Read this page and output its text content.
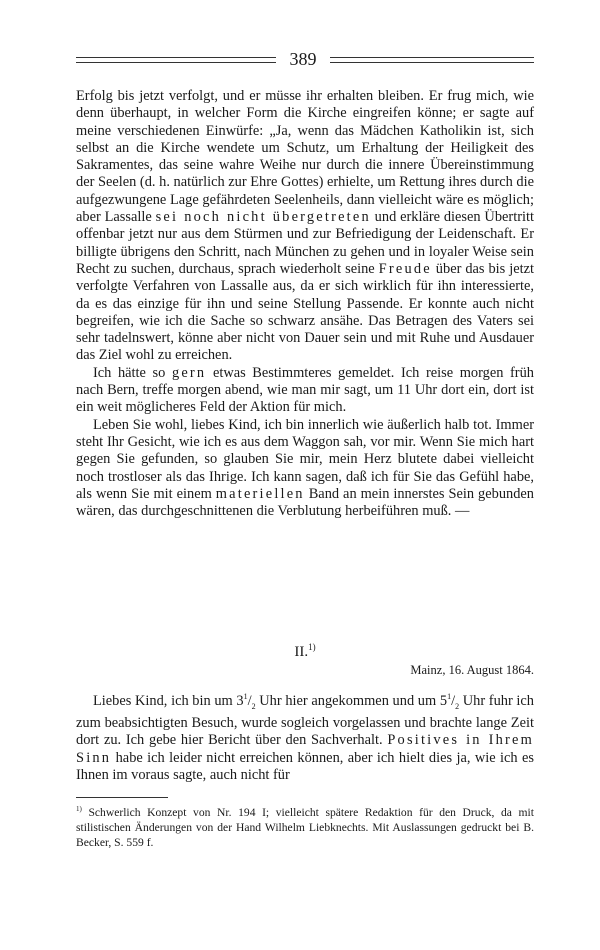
389

Erfolg bis jetzt verfolgt, und er müsse ihr erhalten bleiben. Er frug mich, wie denn überhaupt, in welcher Form die Kirche eingreifen könne; er sagte auf meine verschiedenen Einwürfe: „Ja, wenn das Mädchen Katholikin ist, sich selbst an die Kirche wendete um Schutz, um Erhaltung der Heiligkeit des Sakramentes, das seine wahre Weihe nur durch die innere Übereinstimmung der Seelen (d. h. natürlich zur Ehre Gottes) erhielte, um Rettung ihres durch die aufgezwungene Lage gefährdeten Seelenheils, dann vielleicht wäre es möglich; aber Lassalle sei noch nicht übergetreten und erkläre diesen Übertritt offenbar jetzt nur aus dem Stürmen und zur Befriedigung der Leidenschaft. Er billigte übrigens den Schritt, nach München zu gehen und in loyaler Weise sein Recht zu suchen, durchaus, sprach wiederholt seine Freude über das bis jetzt verfolgte Verfahren von Lassalle aus, da er sich wirklich für ihn interessierte, da es das einzige für ihn und seine Stellung Passende. Er konnte auch nicht begreifen, wie ich die Sache so schwarz ansähe. Das Betragen des Vaters sei sehr tadelnswert, könne aber nicht von Dauer sein und mit Ruhe und Ausdauer das Ziel wohl zu erreichen.

Ich hätte so gern etwas Bestimmteres gemeldet. Ich reise morgen früh nach Bern, treffe morgen abend, wie man mir sagt, um 11 Uhr dort ein, dort ist ein weit möglicheres Feld der Aktion für mich.

Leben Sie wohl, liebes Kind, ich bin innerlich wie äußerlich halb tot. Immer steht Ihr Gesicht, wie ich es aus dem Waggon sah, vor mir. Wenn Sie mich hart gegen Sie gefunden, so glauben Sie mir, mein Herz blutete dabei vielleicht noch trostloser als das Ihrige. Ich kann sagen, daß ich für Sie das Gefühl habe, als wenn Sie mit einem materiellen Band an mein innerstes Sein gebunden wären, das durchgeschnittenen die Verblutung herbeiführen muß. —

II.$^{1)}$
Mainz, 16. August 1864.

Liebes Kind, ich bin um $3^1/_2$ Uhr hier angekommen und um $5^1/_2$ Uhr fuhr ich zum beabsichtigten Besuch, wurde sogleich vorgelassen und brachte lange Zeit dort zu. Ich gebe hier Bericht über den Sachverhalt. Positives in Ihrem Sinn habe ich leider nicht erreichen können, aber ich hielt dies ja, wie ich es Ihnen im voraus sagte, auch nicht für

$^{1)}$ Schwerlich Konzept von Nr. 194 I; vielleicht spätere Redaktion für den Druck, da mit stilistischen Änderungen von der Hand Wilhelm Liebknechts. Mit Auslassungen gedruckt bei B. Becker, S. 559 f.
